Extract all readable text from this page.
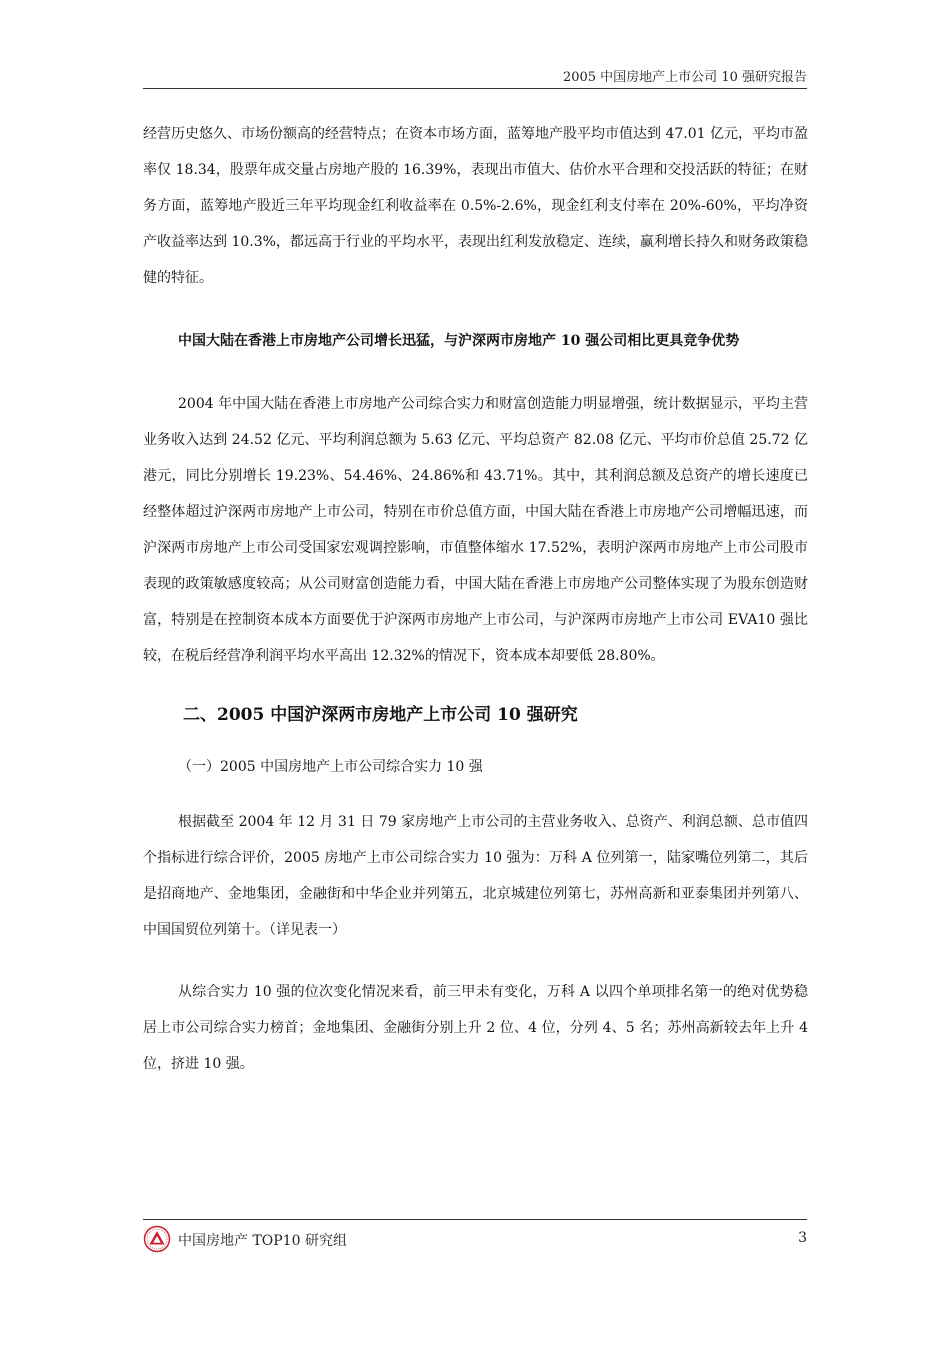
2005 中国房地产上市公司 10 强研究报告

经营历史悠久、市场份额高的经营特点；在资本市场方面，蓝筹地产股平均市值达到 47.01 亿元，平均市盈率仅 18.34，股票年成交量占房地产股的 16.39%，表现出市值大、估价水平合理和交投活跃的特征；在财务方面，蓝筹地产股近三年平均现金红利收益率在 0.5%-2.6%，现金红利支付率在 20%-60%，平均净资产收益率达到 10.3%，都远高于行业的平均水平，表现出红利发放稳定、连续，赢利增长持久和财务政策稳健的特征。

中国大陆在香港上市房地产公司增长迅猛，与沪深两市房地产 10 强公司相比更具竞争优势

2004 年中国大陆在香港上市房地产公司综合实力和财富创造能力明显增强，统计数据显示，平均主营业务收入达到 24.52 亿元、平均利润总额为 5.63 亿元、平均总资产 82.08 亿元、平均市价总值 25.72 亿港元，同比分别增长 19.23%、54.46%、24.86%和 43.71%。其中，其利润总额及总资产的增长速度已经整体超过沪深两市房地产上市公司，特别在市价总值方面，中国大陆在香港上市房地产公司增幅迅速，而沪深两市房地产上市公司受国家宏观调控影响，市值整体缩水 17.52%，表明沪深两市房地产上市公司股市表现的政策敏感度较高；从公司财富创造能力看，中国大陆在香港上市房地产公司整体实现了为股东创造财富，特别是在控制资本成本方面要优于沪深两市房地产上市公司，与沪深两市房地产上市公司 EVA10 强比较，在税后经营净利润平均水平高出 12.32%的情况下，资本成本却要低 28.80%。

二、2005 中国沪深两市房地产上市公司 10 强研究
（一）2005 中国房地产上市公司综合实力 10 强

根据截至 2004 年 12 月 31 日 79 家房地产上市公司的主营业务收入、总资产、利润总额、总市值四个指标进行综合评价，2005 房地产上市公司综合实力 10 强为：万科 A 位列第一，陆家嘴位列第二，其后是招商地产、金地集团，金融街和中华企业并列第五，北京城建位列第七，苏州高新和亚泰集团并列第八、中国国贸位列第十。（详见表一）

从综合实力 10 强的位次变化情况来看，前三甲未有变化，万科 A 以四个单项排名第一的绝对优势稳居上市公司综合实力榜首；金地集团、金融街分别上升 2 位、4 位，分列 4、5 名；苏州高新较去年上升 4 位，挤进 10 强。

中国房地产 TOP10 研究组	3
